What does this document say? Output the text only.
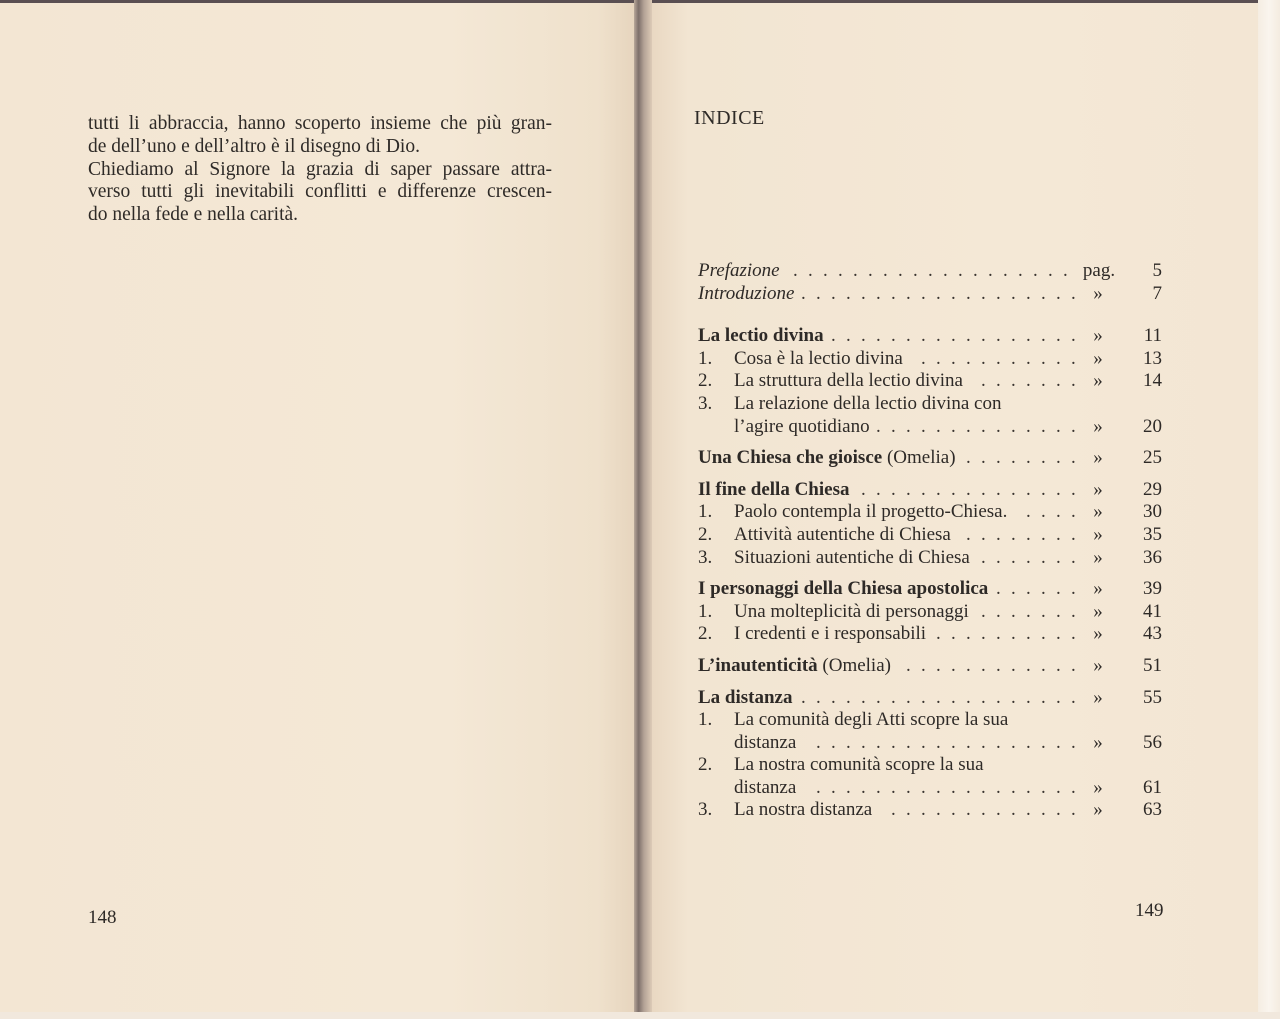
tutti li abbraccia, hanno scoperto insieme che più gran-
de dell’uno e dell’altro è il disegno di Dio.
Chiediamo al Signore la grazia di saper passare attra-
verso tutti gli inevitabili conflitti e differenze crescen-
do nella fede e nella carità.
148
INDICE
Prefazione ................... pag.	5
Introduzione ................... »	7
La lectio divina ................. »	11
1. Cosa è la lectio divina ........... »	13
2. La struttura della lectio divina ....... »	14
3. La relazione della lectio divina con
l’agire quotidiano .............. »	20
Una Chiesa che gioisce (Omelia) ........ »	25
Il fine della Chiesa ............... »	29
1. Paolo contempla il progetto-Chiesa. .... »	30
2. Attività autentiche di Chiesa ........ »	35
3. Situazioni autentiche di Chiesa ....... »	36
I personaggi della Chiesa apostolica ...... »	39
1. Una molteplicità di personaggi ....... »	41
2. I credenti e i responsabili .......... »	43
L’inautenticità (Omelia) ............ »	51
La distanza ................... »	55
1. La comunità degli Atti scopre la sua
distanza .................. »	56
2. La nostra comunità scopre la sua
distanza .................. »	61
3. La nostra distanza ............. »	63
149
